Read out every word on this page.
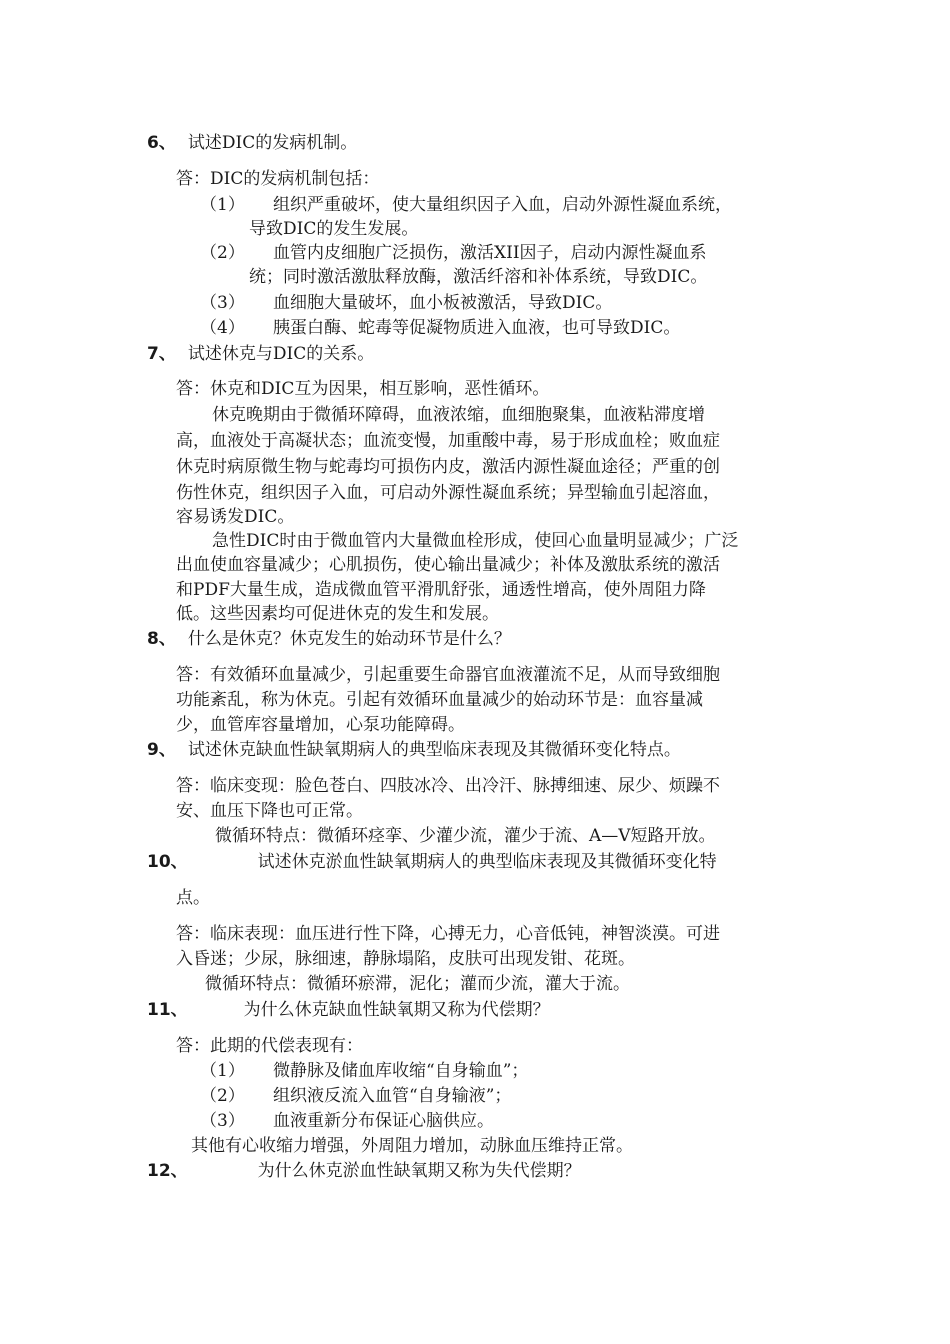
6、 试述DIC的发病机制。
答：DIC的发病机制包括：
（1） 组织严重破坏，使大量组织因子入血，启动外源性凝血系统，
导致DIC的发生发展。
（2） 血管内皮细胞广泛损伤，激活XII因子，启动内源性凝血系
统；同时激活激肽释放酶，激活纤溶和补体系统，导致DIC。
（3） 血细胞大量破坏，血小板被激活，导致DIC。
（4） 胰蛋白酶、蛇毒等促凝物质进入血液，也可导致DIC。
7、 试述休克与DIC的关系。
答：休克和DIC互为因果，相互影响，恶性循环。
休克晚期由于微循环障碍，血液浓缩，血细胞聚集，血液粘滞度增
高，血液处于高凝状态；血流变慢，加重酸中毒，易于形成血栓；败血症
休克时病原微生物与蛇毒均可损伤内皮，激活内源性凝血途径；严重的创
伤性休克，组织因子入血，可启动外源性凝血系统；异型输血引起溶血，
容易诱发DIC。
急性DIC时由于微血管内大量微血栓形成，使回心血量明显减少；广泛
出血使血容量减少；心肌损伤，使心输出量减少；补体及激肽系统的激活
和PDF大量生成，造成微血管平滑肌舒张，通透性增高，使外周阻力降
低。这些因素均可促进休克的发生和发展。
8、 什么是休克？休克发生的始动环节是什么？
答：有效循环血量减少，引起重要生命器官血液灌流不足，从而导致细胞
功能紊乱，称为休克。引起有效循环血量减少的始动环节是：血容量减
少，血管库容量增加，心泵功能障碍。
9、 试述休克缺血性缺氧期病人的典型临床表现及其微循环变化特点。
答：临床变现：脸色苍白、四肢冰冷、出冷汗、脉搏细速、尿少、烦躁不
安、血压下降也可正常。
微循环特点：微循环痉挛、少灌少流，灌少于流、A—V短路开放。
10、	试述休克淤血性缺氧期病人的典型临床表现及其微循环变化特
点。
答：临床表现：血压进行性下降，心搏无力，心音低钝，神智淡漠。可进
入昏迷；少尿，脉细速，静脉塌陷，皮肤可出现发钳、花斑。
微循环特点：微循环瘀滞，泥化；灌而少流，灌大于流。
11、	为什么休克缺血性缺氧期又称为代偿期？
答：此期的代偿表现有：
（1） 微静脉及储血库收缩“自身输血”；
（2） 组织液反流入血管“自身输液”；
（3） 血液重新分布保证心脑供应。
其他有心收缩力增强，外周阻力增加，动脉血压维持正常。
12、	为什么休克淤血性缺氧期又称为失代偿期？
